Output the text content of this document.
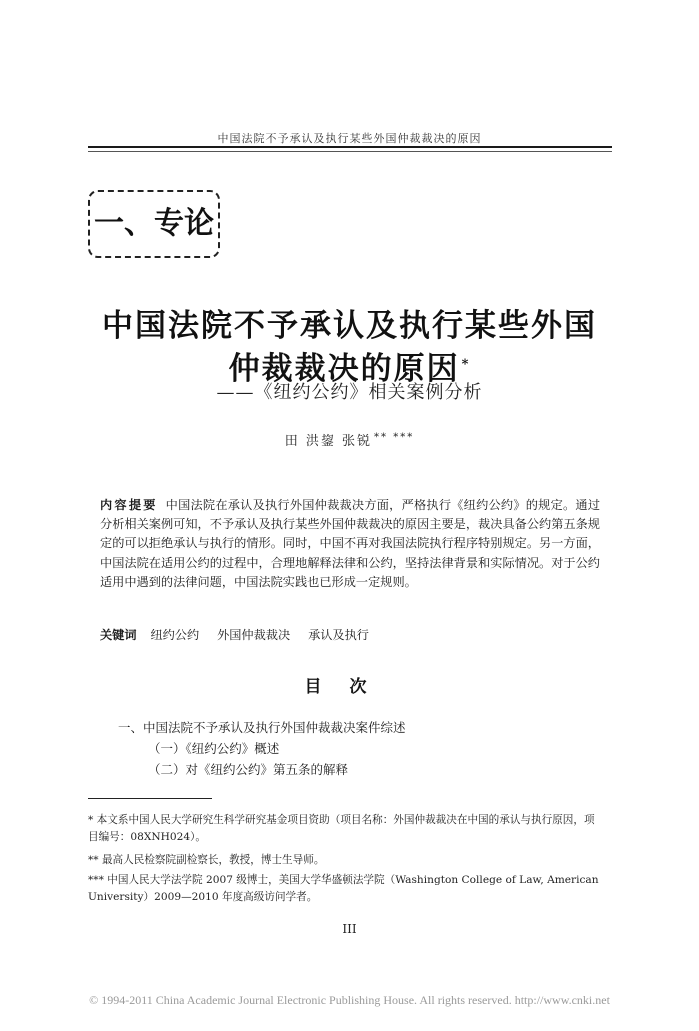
中国法院不予承认及执行某些外国仲裁裁决的原因
一、专论
中国法院不予承认及执行某些外国
仲裁裁决的原因 *
——《纽约公约》相关案例分析
田 洪鋆 张锐 ** ***
内容提要 中国法院在承认及执行外国仲裁裁决方面，严格执行《纽约公约》的规定。通过分析相关案例可知，不予承认及执行某些外国仲裁裁决的原因主要是，裁决具备公约第五条规定的可以拒绝承认与执行的情形。同时，中国不再对我国法院执行程序特别规定。另一方面，中国法院在适用公约的过程中，合理地解释法律和公约，坚持法律背景和实际情况。对于公约适用中遇到的法律问题，中国法院实践也已形成一定规则。
关键词 纽约公约 外国仲裁裁决 承认及执行
目次
一、中国法院不予承认及执行外国仲裁裁决案件综述
（一）《纽约公约》概述
（二）对《纽约公约》第五条的解释
* 本文系中国人民大学研究生科学研究基金项目资助（项目名称：外国仲裁裁决在中国的承认与执行原因，项目编号：08XNH024）。
** 最高人民检察院副检察长，教授，博士生导师。
*** 中国人民大学法学院 2007 级博士，美国大学华盛顿法学院（Washington College of Law, American University）2009—2010 年度高级访问学者。
III
© 1994-2011 China Academic Journal Electronic Publishing House. All rights reserved. http://www.cnki.net
